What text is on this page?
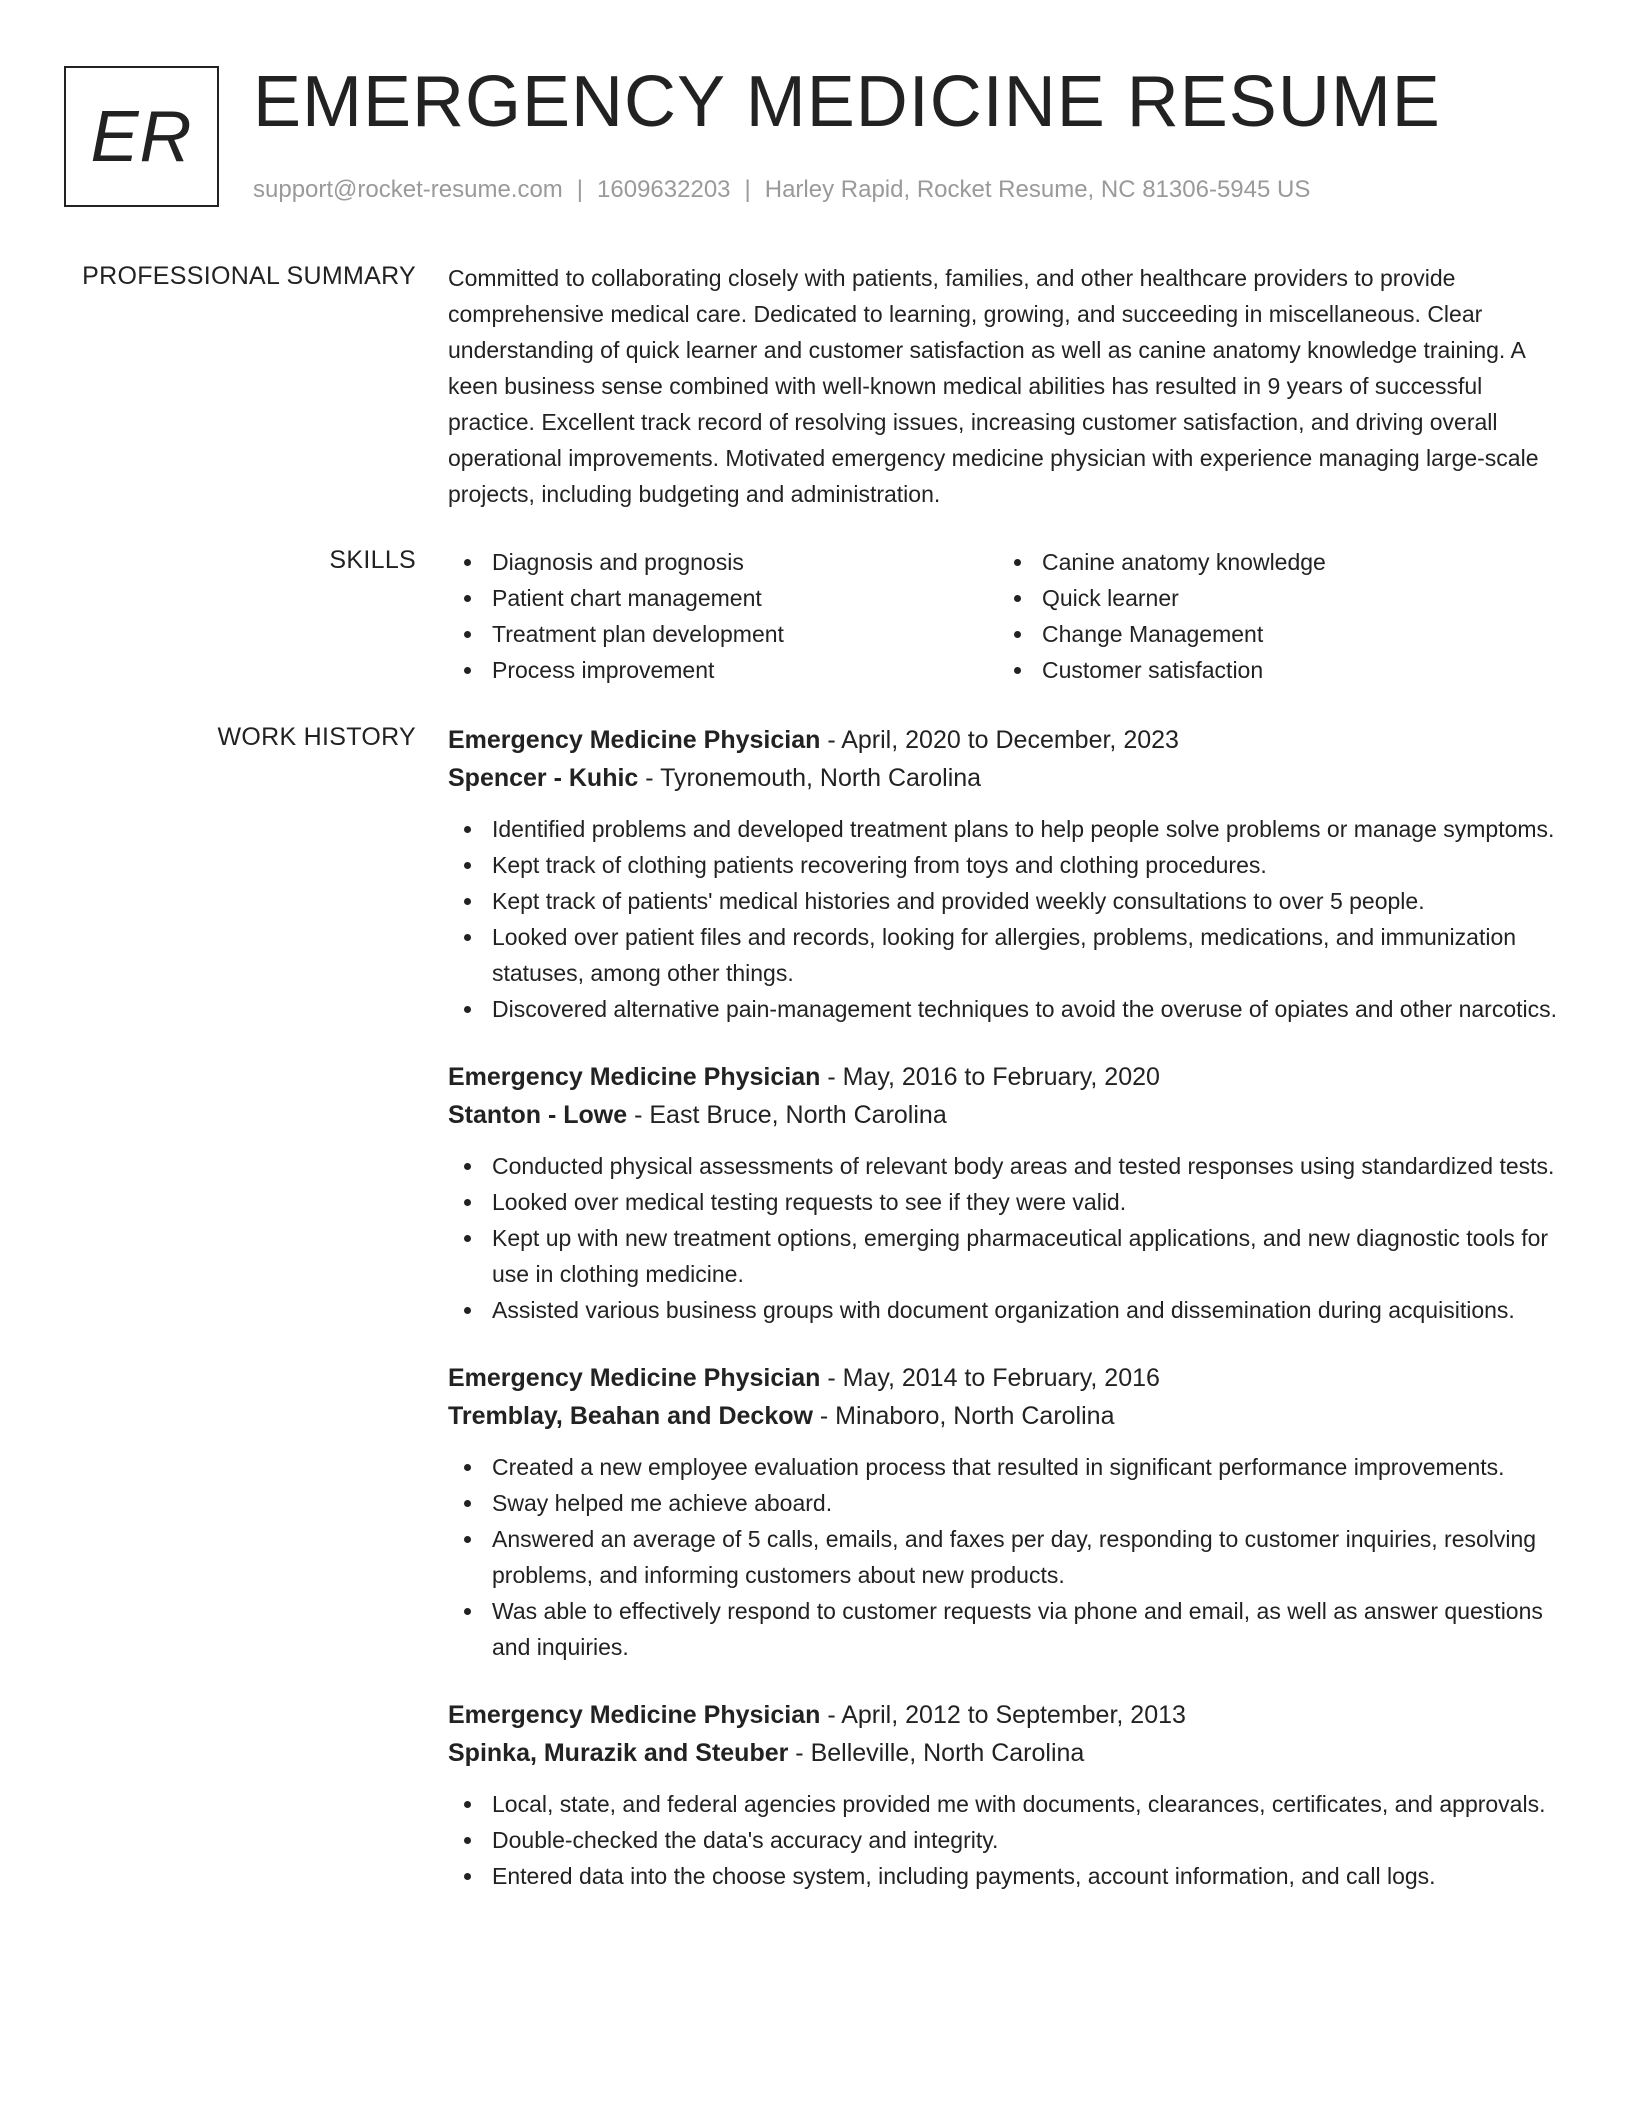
ER EMERGENCY MEDICINE RESUME
support@rocket-resume.com | 1609632203 | Harley Rapid, Rocket Resume, NC 81306-5945 US
PROFESSIONAL SUMMARY Committed to collaborating closely with patients, families, and other healthcare providers to provide comprehensive medical care. Dedicated to learning, growing, and succeeding in miscellaneous. Clear understanding of quick learner and customer satisfaction as well as canine anatomy knowledge training. A keen business sense combined with well-known medical abilities has resulted in 9 years of successful practice. Excellent track record of resolving issues, increasing customer satisfaction, and driving overall operational improvements. Motivated emergency medicine physician with experience managing large-scale projects, including budgeting and administration.

SKILLS	Diagnosis and prognosis
Patient chart management
Treatment plan development
Process improvement
Canine anatomy knowledge
Quick learner
Change Management
Customer satisfaction
WORK HISTORY Emergency Medicine Physician - April, 2020 to December, 2023
Spencer - Kuhic - Tyronemouth, North Carolina
Identified problems and developed treatment plans to help people solve problems or manage symptoms.
Kept track of clothing patients recovering from toys and clothing procedures.
Kept track of patients' medical histories and provided weekly consultations to over 5 people.
Looked over patient files and records, looking for allergies, problems, medications, and immunization statuses, among other things.
Discovered alternative pain-management techniques to avoid the overuse of opiates and other narcotics.
Emergency Medicine Physician - May, 2016 to February, 2020
Stanton - Lowe - East Bruce, North Carolina
Conducted physical assessments of relevant body areas and tested responses using standardized tests.
Looked over medical testing requests to see if they were valid.
Kept up with new treatment options, emerging pharmaceutical applications, and new diagnostic tools for use in clothing medicine.
Assisted various business groups with document organization and dissemination during acquisitions.
Emergency Medicine Physician - May, 2014 to February, 2016
Tremblay, Beahan and Deckow - Minaboro, North Carolina
Created a new employee evaluation process that resulted in significant performance improvements.
Sway helped me achieve aboard.
Answered an average of 5 calls, emails, and faxes per day, responding to customer inquiries, resolving problems, and informing customers about new products.
Was able to effectively respond to customer requests via phone and email, as well as answer questions and inquiries.
Emergency Medicine Physician - April, 2012 to September, 2013
Spinka, Murazik and Steuber - Belleville, North Carolina
Local, state, and federal agencies provided me with documents, clearances, certificates, and approvals.
Double-checked the data's accuracy and integrity.
Entered data into the choose system, including payments, account information, and call logs.
